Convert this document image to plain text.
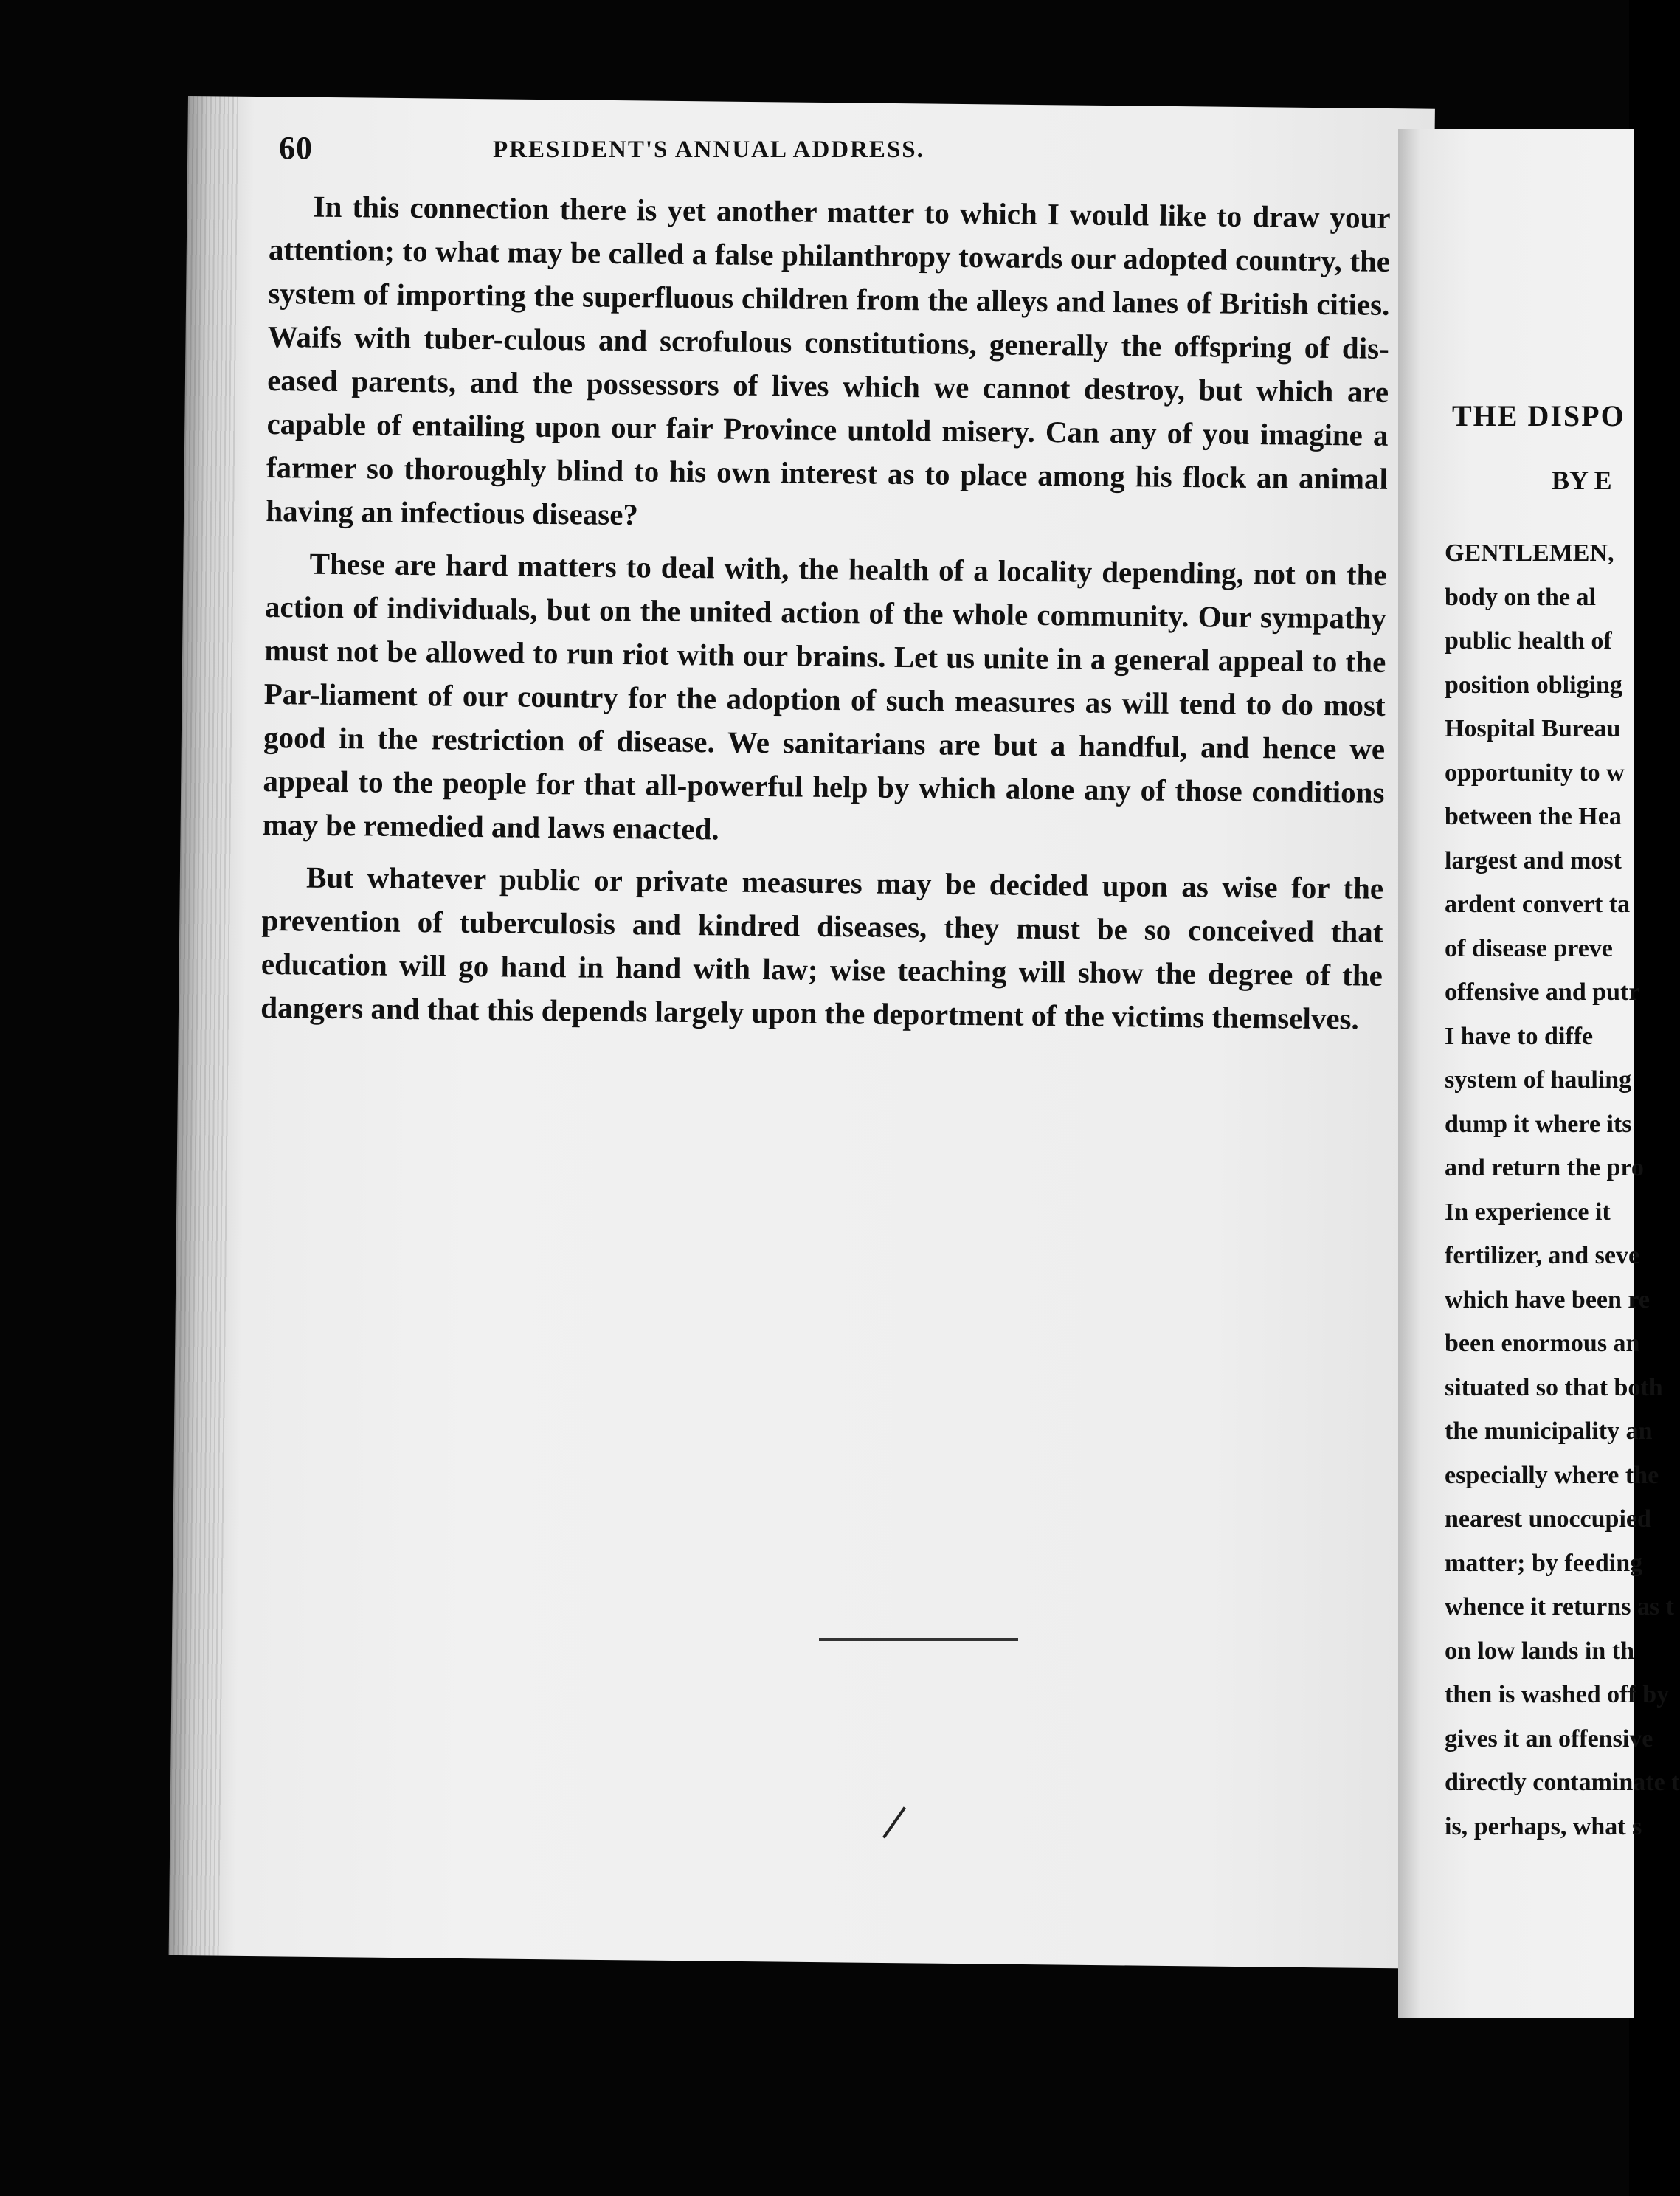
60	PRESIDENT'S ANNUAL ADDRESS.

In this connection there is yet another matter to which I would like to draw your attention; to what may be called a false philanthropy towards our adopted country, the system of importing the superfluous children from the alleys and lanes of British cities. Waifs with tuber-culous and scrofulous constitutions, generally the offspring of dis-eased parents, and the possessors of lives which we cannot destroy, but which are capable of entailing upon our fair Province untold misery. Can any of you imagine a farmer so thoroughly blind to his own interest as to place among his flock an animal having an infectious disease?

These are hard matters to deal with, the health of a locality depending, not on the action of individuals, but on the united action of the whole community. Our sympathy must not be allowed to run riot with our brains. Let us unite in a general appeal to the Par-liament of our country for the adoption of such measures as will tend to do most good in the restriction of disease. We sanitarians are but a handful, and hence we appeal to the people for that all-powerful help by which alone any of those conditions may be remedied and laws enacted.

But whatever public or private measures may be decided upon as wise for the prevention of tuberculosis and kindred diseases, they must be so conceived that education will go hand in hand with law; wise teaching will show the degree of the dangers and that this depends largely upon the deportment of the victims themselves.

THE DISPO
BY E
GENTLEMEN,
body on the al
public health of
position obliging
Hospital Bureau
opportunity to w
between the Hea
largest and most
ardent convert ta
of disease preve
offensive and putr
I have to diffe
system of hauling
dump it where its
and return the pro
In experience it
fertilizer, and seve
which have been re
been enormous an
situated so that both
the municipality an
especially where the
nearest unoccupied
matter; by feeding
whence it returns as t
on low lands in th
then is washed off by
gives it an offensive
directly contaminate t
is, perhaps, what s
